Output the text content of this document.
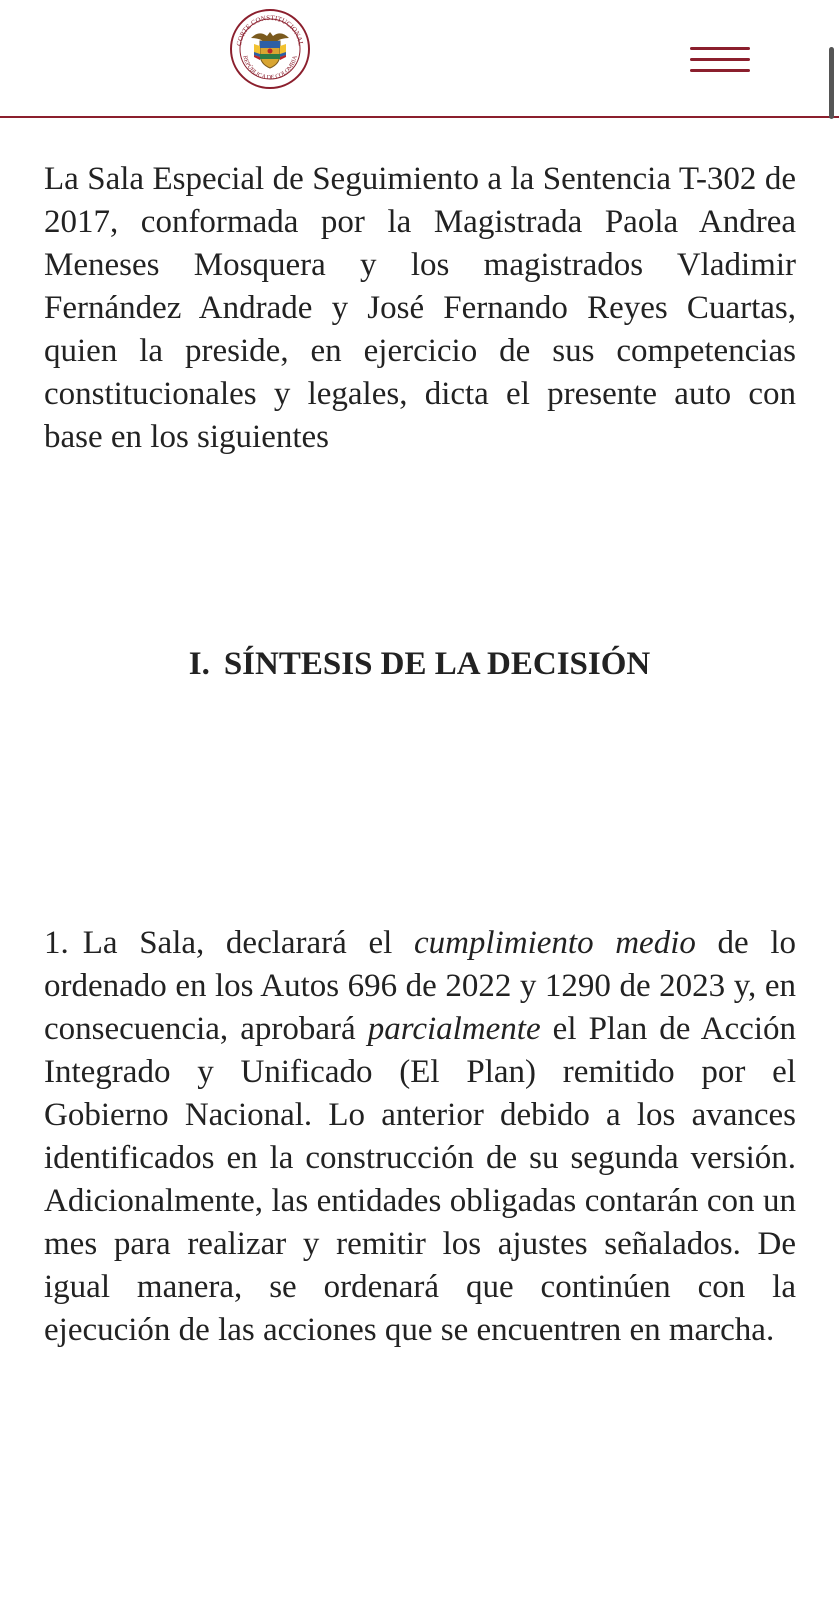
CORTE CONSTITUCIONAL
REPÚBLICA DE COLOMBIA

La Sala Especial de Seguimiento a la Sentencia T-302 de 2017, conformada por la Magistrada Paola Andrea Meneses Mosquera y los magistrados Vladimir Fernández Andrade y José Fernando Reyes Cuartas, quien la preside, en ejercicio de sus competencias constitucionales y legales, dicta el presente auto con base en los siguientes

I. SÍNTESIS DE LA DECISIÓN

1. La Sala, declarará el cumplimiento medio de lo ordenado en los Autos 696 de 2022 y 1290 de 2023 y, en consecuencia, aprobará parcialmente el Plan de Acción Integrado y Unificado (El Plan) remitido por el Gobierno Nacional. Lo anterior debido a los avances identificados en la construcción de su segunda versión. Adicionalmente, las entidades obligadas contarán con un mes para realizar y remitir los ajustes señalados. De igual manera, se ordenará que continúen con la ejecución de las acciones que se encuentren en marcha.
